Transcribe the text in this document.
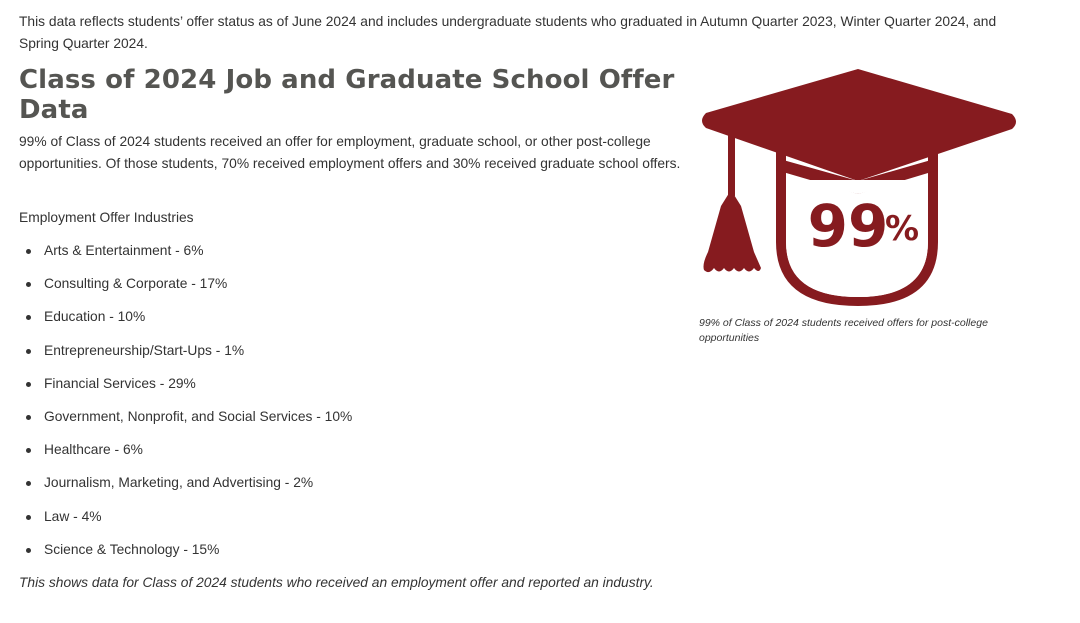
This data reflects students’ offer status as of June 2024 and includes undergraduate students who graduated in Autumn Quarter 2023, Winter Quarter 2024, and Spring Quarter 2024.

Class of 2024 Job and Graduate School Offer Data

99% of Class of 2024 students received an offer for employment, graduate school, or other post-college opportunities. Of those students, 70% received employment offers and 30% received graduate school offers.

Employment Offer Industries

Arts & Entertainment - 6%
Consulting & Corporate - 17%
Education - 10%
Entrepreneurship/Start-Ups - 1%
Financial Services - 29%
Government, Nonprofit, and Social Services - 10%
Healthcare - 6%
Journalism, Marketing, and Advertising - 2%
Law - 4%
Science & Technology - 15%

This shows data for Class of 2024 students who received an employment offer and reported an industry.

99
%

99% of Class of 2024 students received offers for post-college opportunities
